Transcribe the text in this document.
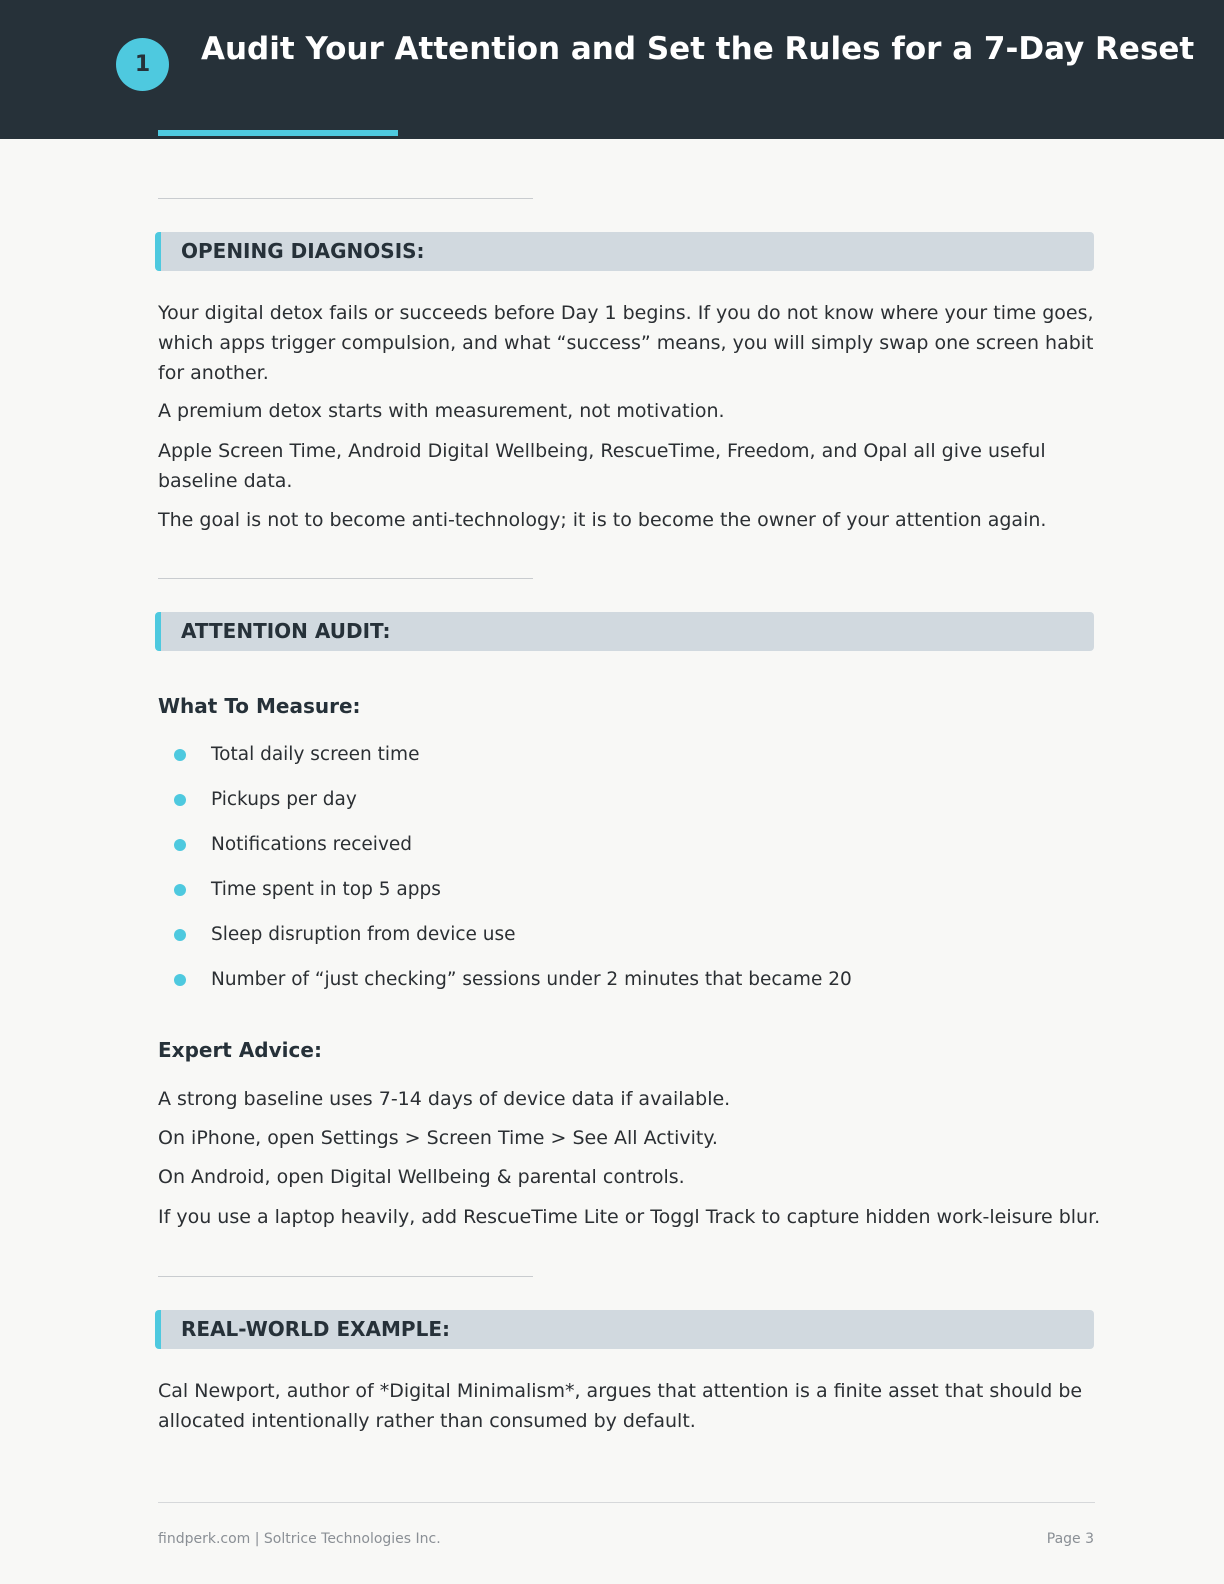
1	Audit Your Attention and Set the Rules for a 7-Day Reset
OPENING DIAGNOSIS:

Your digital detox fails or succeeds before Day 1 begins. If you do not know where your time goes, which apps trigger compulsion, and what “success” means, you will simply swap one screen habit for another.

A premium detox starts with measurement, not motivation.

Apple Screen Time, Android Digital Wellbeing, RescueTime, Freedom, and Opal all give useful baseline data.

The goal is not to become anti-technology; it is to become the owner of your attention again.

ATTENTION AUDIT:
What To Measure:
Total daily screen time
Pickups per day
Notifications received
Time spent in top 5 apps
Sleep disruption from device use
Number of “just checking” sessions under 2 minutes that became 20
Expert Advice:

A strong baseline uses 7-14 days of device data if available.

On iPhone, open Settings > Screen Time > See All Activity.

On Android, open Digital Wellbeing & parental controls.

If you use a laptop heavily, add RescueTime Lite or Toggl Track to capture hidden work-leisure blur.

REAL-WORLD EXAMPLE:

Cal Newport, author of *Digital Minimalism*, argues that attention is a finite asset that should be allocated intentionally rather than consumed by default.

findperk.com | Soltrice Technologies Inc.	Page 3
